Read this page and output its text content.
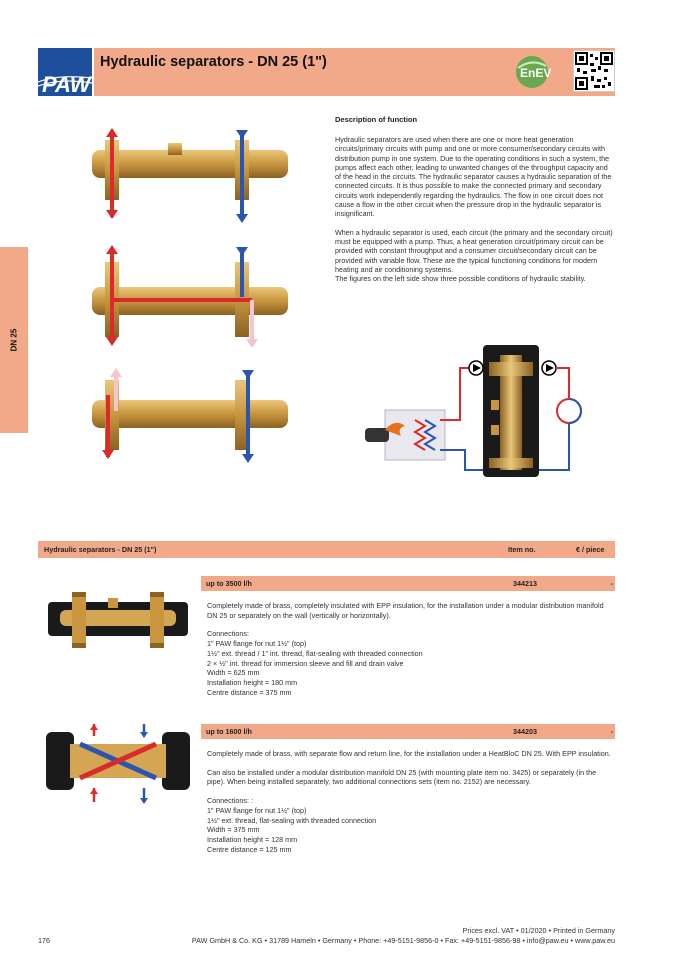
PAW
Hydraulic separators - DN 25 (1")
EnEV
DN 25
Description of function

Hydraulic separators are used when there are one or more heat generation circuits/primary circuits with pump and one or more consumer/secondary circuits with distribution pump in one system. Due to the operating conditions in such a system, the pumps affect each other, leading to unwanted changes of the throughput capacity and of the head in the circuits. The hydraulic separator causes a hydraulic separation of the connected circuits. It is thus possible to make the connected primary and secondary circuits work independently regarding the hydraulics. The flow in one circuit does not cause a flow in the other circuit when the pressure drop in the hydraulic separator is insignificant.

When a hydraulic separator is used, each circuit (the primary and the secondary circuit) must be equipped with a pump. Thus, a heat generation circuit/primary circuit can be provided with constant throughput and a consumer circuit/secondary circuit can be provided with variable flow. These are the typical functioning conditions for modern heating and air conditioning systems.

The figures on the left side show three possible conditions of hydraulic stability.

Hydraulic separators - DN 25 (1")	Item no.	€ / piece
up to 3500 l/h	344213	-

Completely made of brass, completely insulated with EPP insulation, for the installation under a modular distribution manifold DN 25 or separately on the wall (vertically or horizontally).

Connections:
1" PAW flange for nut 1½" (top)
1½" ext. thread / 1" int. thread, flat-sealing with threaded connection
2 × ½" int. thread for immersion sleeve and fill and drain valve
Width = 625 mm
Installation height = 180 mm
Centre distance = 375 mm
up to 1600 l/h	344203	-

Completely made of brass, with separate flow and return line, for the installation under a HeatBloC DN 25. With EPP insulation.

Can also be installed under a modular distribution manifold DN 25 (with mounting plate item no. 3425) or separately (in the pipe). When being installed separately, two additional connections sets (item no. 2152) are necessary.

Connections: :
1" PAW flange for nut 1½" (top)
1½" ext. thread, flat-sealing with threaded connection
Width = 375 mm
Installation height = 128 mm
Centre distance = 125 mm
176
Prices excl. VAT • 01/2020 • Printed in Germany
PAW GmbH & Co. KG • 31789 Hameln • Germany • Phone: +49-5151-9856-0 • Fax: +49-5151-9856-98 • info@paw.eu • www.paw.eu
